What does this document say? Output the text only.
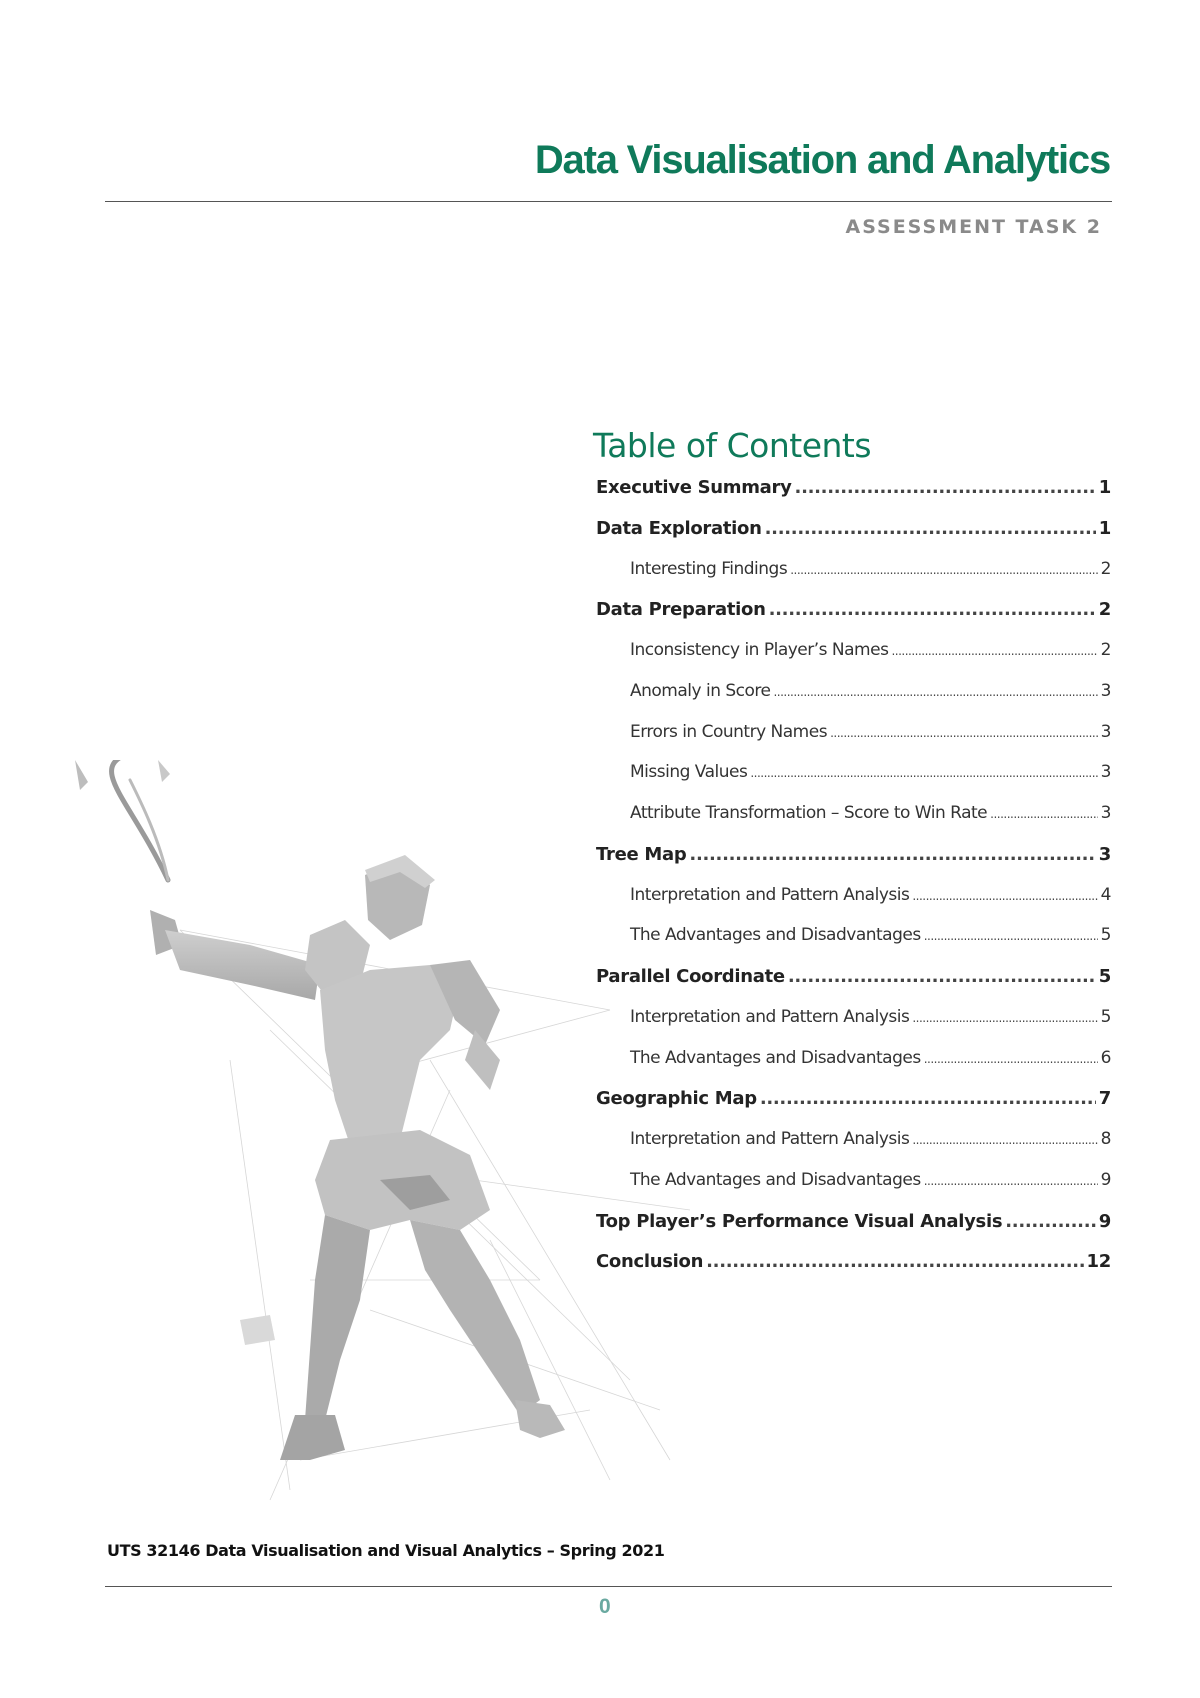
Data Visualisation and Analytics
ASSESSMENT TASK 2
Table of Contents
Executive Summary .....	1
Data Exploration .....	1
Interesting Findings .....	2
Data Preparation .....	2
Inconsistency in Player’s Names .....	2
Anomaly in Score .....	3
Errors in Country Names .....	3
Missing Values .....	3
Attribute Transformation – Score to Win Rate .....	3
Tree Map .....	3
Interpretation and Pattern Analysis .....	4
The Advantages and Disadvantages .....	5
Parallel Coordinate .....	5
Interpretation and Pattern Analysis .....	5
The Advantages and Disadvantages .....	6
Geographic Map .....	7
Interpretation and Pattern Analysis .....	8
The Advantages and Disadvantages .....	9
Top Player’s Performance Visual Analysis .....	9
Conclusion .....	12
UTS 32146 Data Visualisation and Visual Analytics – Spring 2021
0
